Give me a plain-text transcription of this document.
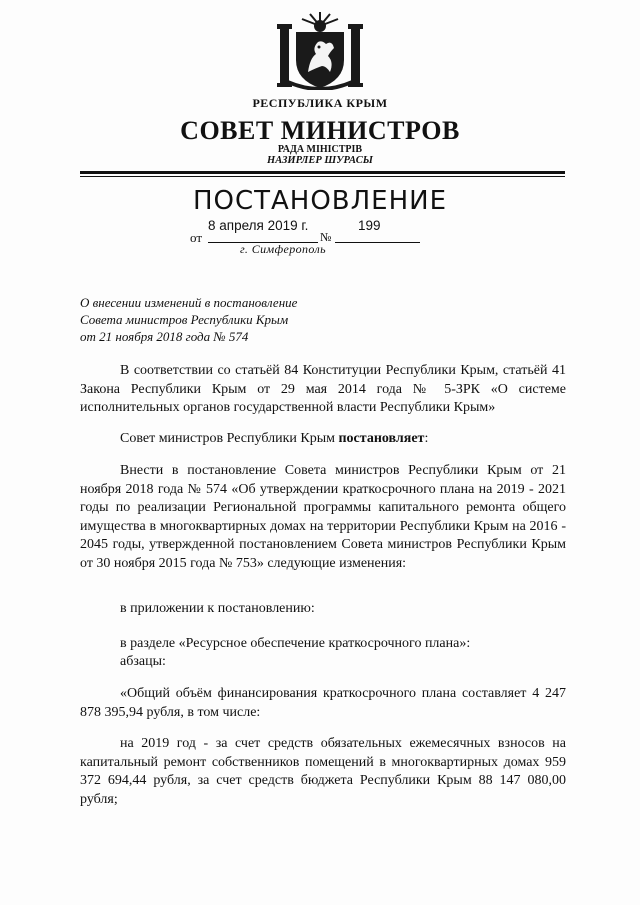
РЕСПУБЛИКА КРЫМ
СОВЕТ МИНИСТРОВ
РАДА МІНІСТРІВ
НАЗИРЛЕР ШУРАСЫ
ПОСТАНОВЛЕНИЕ
от
8 апреля 2019 г.
№
199
г. Симферополь
О внесении изменений в постановление
Совета министров Республики Крым
от 21 ноября 2018 года № 574

В соответствии со статьёй 84 Конституции Республики Крым, статьёй 41 Закона Республики Крым от 29 мая 2014 года № 5-ЗРК «О системе исполнительных органов государственной власти Республики Крым»

Совет министров Республики Крым постановляет:

Внести в постановление Совета министров Республики Крым от 21 ноября 2018 года № 574 «Об утверждении краткосрочного плана на 2019 - 2021 годы по реализации Региональной программы капитального ремонта общего имущества в многоквартирных домах на территории Республики Крым на 2016 - 2045 годы, утвержденной постановлением Совета министров Республики Крым от 30 ноября 2015 года № 753» следующие изменения:

в приложении к постановлению:
в разделе «Ресурсное обеспечение краткосрочного плана»:
абзацы:

«Общий объём финансирования краткосрочного плана составляет 4 247 878 395,94 рубля, в том числе:

на 2019 год - за счет средств обязательных ежемесячных взносов на капитальный ремонт собственников помещений в многоквартирных домах 959 372 694,44 рубля, за счет средств бюджета Республики Крым 88 147 080,00 рубля;
